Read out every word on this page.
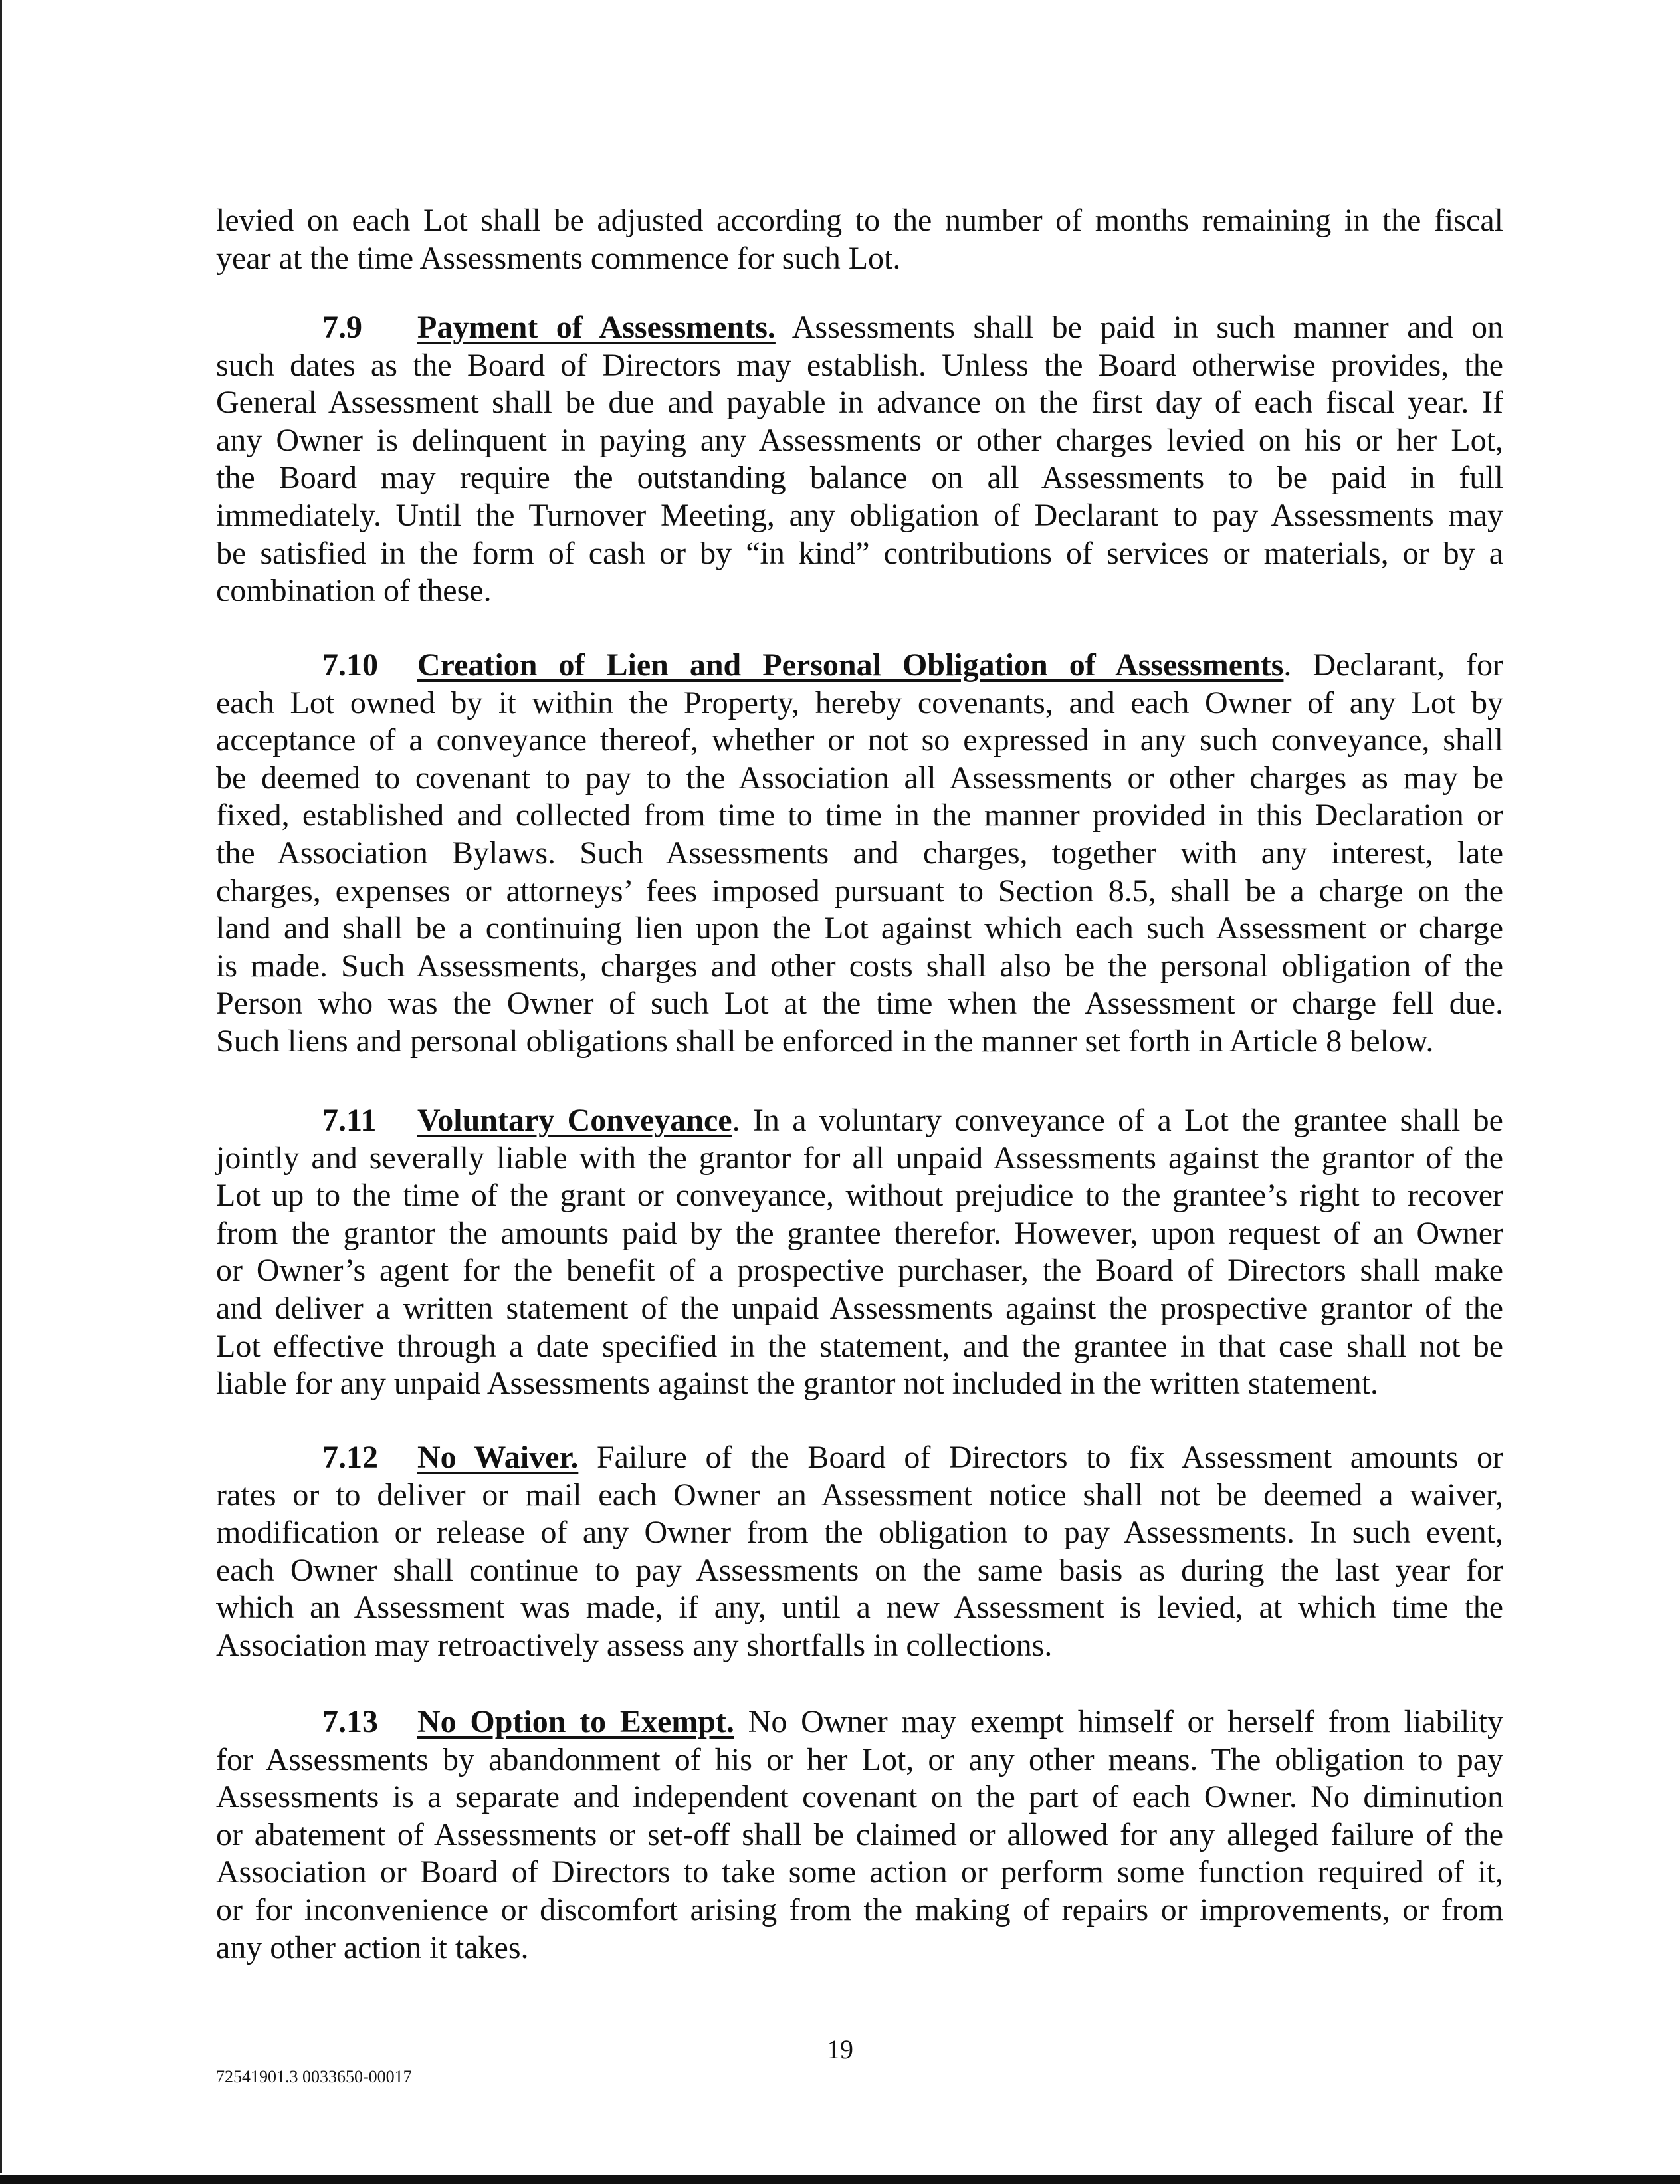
levied on each Lot shall be adjusted according to the number of months remaining in the fiscal
year at the time Assessments commence for such Lot.
7.9 Payment of Assessments. Assessments shall be paid in such manner and on
such dates as the Board of Directors may establish. Unless the Board otherwise provides, the
General Assessment shall be due and payable in advance on the first day of each fiscal year. If
any Owner is delinquent in paying any Assessments or other charges levied on his or her Lot,
the Board may require the outstanding balance on all Assessments to be paid in full
immediately. Until the Turnover Meeting, any obligation of Declarant to pay Assessments may
be satisfied in the form of cash or by “in kind” contributions of services or materials, or by a
combination of these.
7.10 Creation of Lien and Personal Obligation of Assessments. Declarant, for
each Lot owned by it within the Property, hereby covenants, and each Owner of any Lot by
acceptance of a conveyance thereof, whether or not so expressed in any such conveyance, shall
be deemed to covenant to pay to the Association all Assessments or other charges as may be
fixed, established and collected from time to time in the manner provided in this Declaration or
the Association Bylaws. Such Assessments and charges, together with any interest, late
charges, expenses or attorneys’ fees imposed pursuant to Section 8.5, shall be a charge on the
land and shall be a continuing lien upon the Lot against which each such Assessment or charge
is made. Such Assessments, charges and other costs shall also be the personal obligation of the
Person who was the Owner of such Lot at the time when the Assessment or charge fell due.
Such liens and personal obligations shall be enforced in the manner set forth in Article 8 below.
7.11 Voluntary Conveyance. In a voluntary conveyance of a Lot the grantee shall be
jointly and severally liable with the grantor for all unpaid Assessments against the grantor of the
Lot up to the time of the grant or conveyance, without prejudice to the grantee’s right to recover
from the grantor the amounts paid by the grantee therefor. However, upon request of an Owner
or Owner’s agent for the benefit of a prospective purchaser, the Board of Directors shall make
and deliver a written statement of the unpaid Assessments against the prospective grantor of the
Lot effective through a date specified in the statement, and the grantee in that case shall not be
liable for any unpaid Assessments against the grantor not included in the written statement.
7.12 No Waiver. Failure of the Board of Directors to fix Assessment amounts or
rates or to deliver or mail each Owner an Assessment notice shall not be deemed a waiver,
modification or release of any Owner from the obligation to pay Assessments. In such event,
each Owner shall continue to pay Assessments on the same basis as during the last year for
which an Assessment was made, if any, until a new Assessment is levied, at which time the
Association may retroactively assess any shortfalls in collections.
7.13 No Option to Exempt. No Owner may exempt himself or herself from liability
for Assessments by abandonment of his or her Lot, or any other means. The obligation to pay
Assessments is a separate and independent covenant on the part of each Owner. No diminution
or abatement of Assessments or set-off shall be claimed or allowed for any alleged failure of the
Association or Board of Directors to take some action or perform some function required of it,
or for inconvenience or discomfort arising from the making of repairs or improvements, or from
any other action it takes.
19
72541901.3 0033650-00017
